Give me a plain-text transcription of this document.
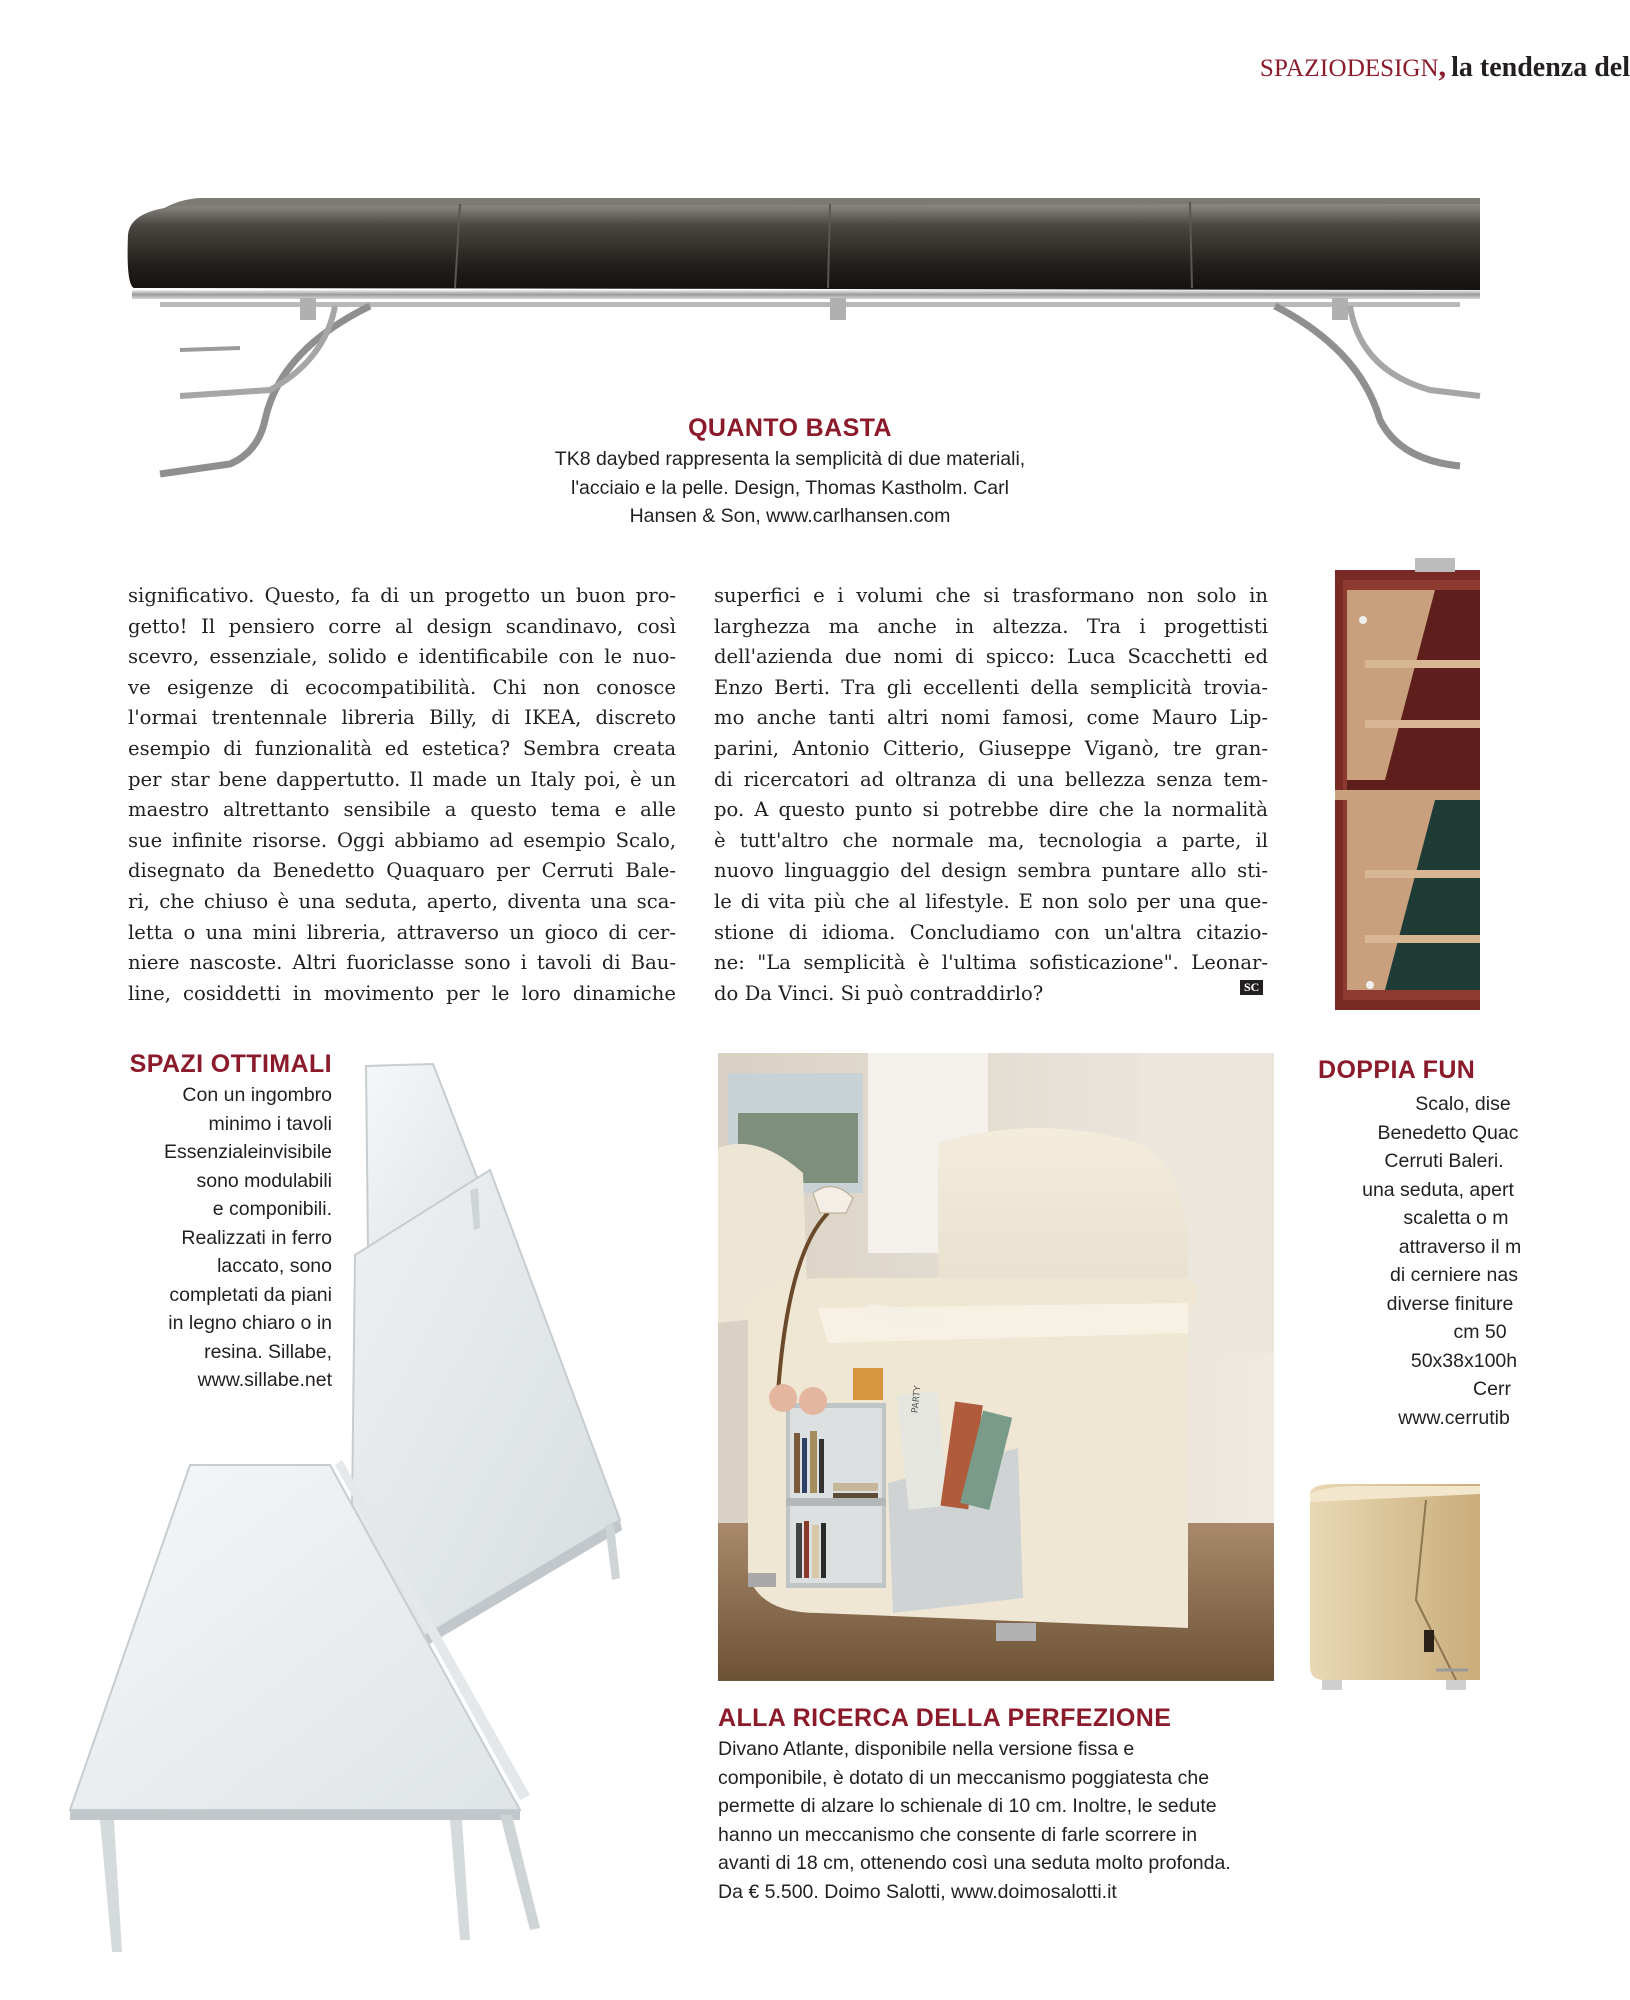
SPAZIODESIGN, la tendenza del
QUANTO BASTA
TK8 daybed rappresenta la semplicità di due materiali,
l'acciaio e la pelle. Design, Thomas Kastholm. Carl
Hansen & Son, www.carlhansen.com
significativo. Questo, fa di un progetto un buon pro-
getto! Il pensiero corre al design scandinavo, così
scevro, essenziale, solido e identificabile con le nuo-
ve esigenze di ecocompatibilità. Chi non conosce
l'ormai trentennale libreria Billy, di IKEA, discreto
esempio di funzionalità ed estetica? Sembra creata
per star bene dappertutto. Il made un Italy poi, è un
maestro altrettanto sensibile a questo tema e alle
sue infinite risorse. Oggi abbiamo ad esempio Scalo,
disegnato da Benedetto Quaquaro per Cerruti Bale-
ri, che chiuso è una seduta, aperto, diventa una sca-
letta o una mini libreria, attraverso un gioco di cer-
niere nascoste. Altri fuoriclasse sono i tavoli di Bau-
line, cosiddetti in movimento per le loro dinamiche
superfici e i volumi che si trasformano non solo in
larghezza ma anche in altezza. Tra i progettisti
dell'azienda due nomi di spicco: Luca Scacchetti ed
Enzo Berti. Tra gli eccellenti della semplicità trovia-
mo anche tanti altri nomi famosi, come Mauro Lip-
parini, Antonio Citterio, Giuseppe Viganò, tre gran-
di ricercatori ad oltranza di una bellezza senza tem-
po. A questo punto si potrebbe dire che la normalità
è tutt'altro che normale ma, tecnologia a parte, il
nuovo linguaggio del design sembra puntare allo sti-
le di vita più che al lifestyle. E non solo per una que-
stione di idioma. Concludiamo con un'altra citazio-
ne: "La semplicità è l'ultima sofisticazione". Leonar-
do Da Vinci. Si può contraddirlo?	SC
SPAZI OTTIMALI
Con un ingombro
minimo i tavoli
Essenzialeinvisibile
sono modulabili
e componibili.
Realizzati in ferro
laccato, sono
completati da piani
in legno chiaro o in
resina. Sillabe,
www.sillabe.net
PARTY
ALLA RICERCA DELLA PERFEZIONE
Divano Atlante, disponibile nella versione fissa e
componibile, è dotato di un meccanismo poggiatesta che
permette di alzare lo schienale di 10 cm. Inoltre, le sedute
hanno un meccanismo che consente di farle scorrere in
avanti di 18 cm, ottenendo così una seduta molto profonda.
Da € 5.500. Doimo Salotti, www.doimosalotti.it
DOPPIA FUN
Scalo, dise
Benedetto Quac
Cerruti Baleri.
una seduta, apert
scaletta o m
attraverso il m
di cerniere nas
diverse finiture
cm 50
50x38x100h
Cerr
www.cerrutib
